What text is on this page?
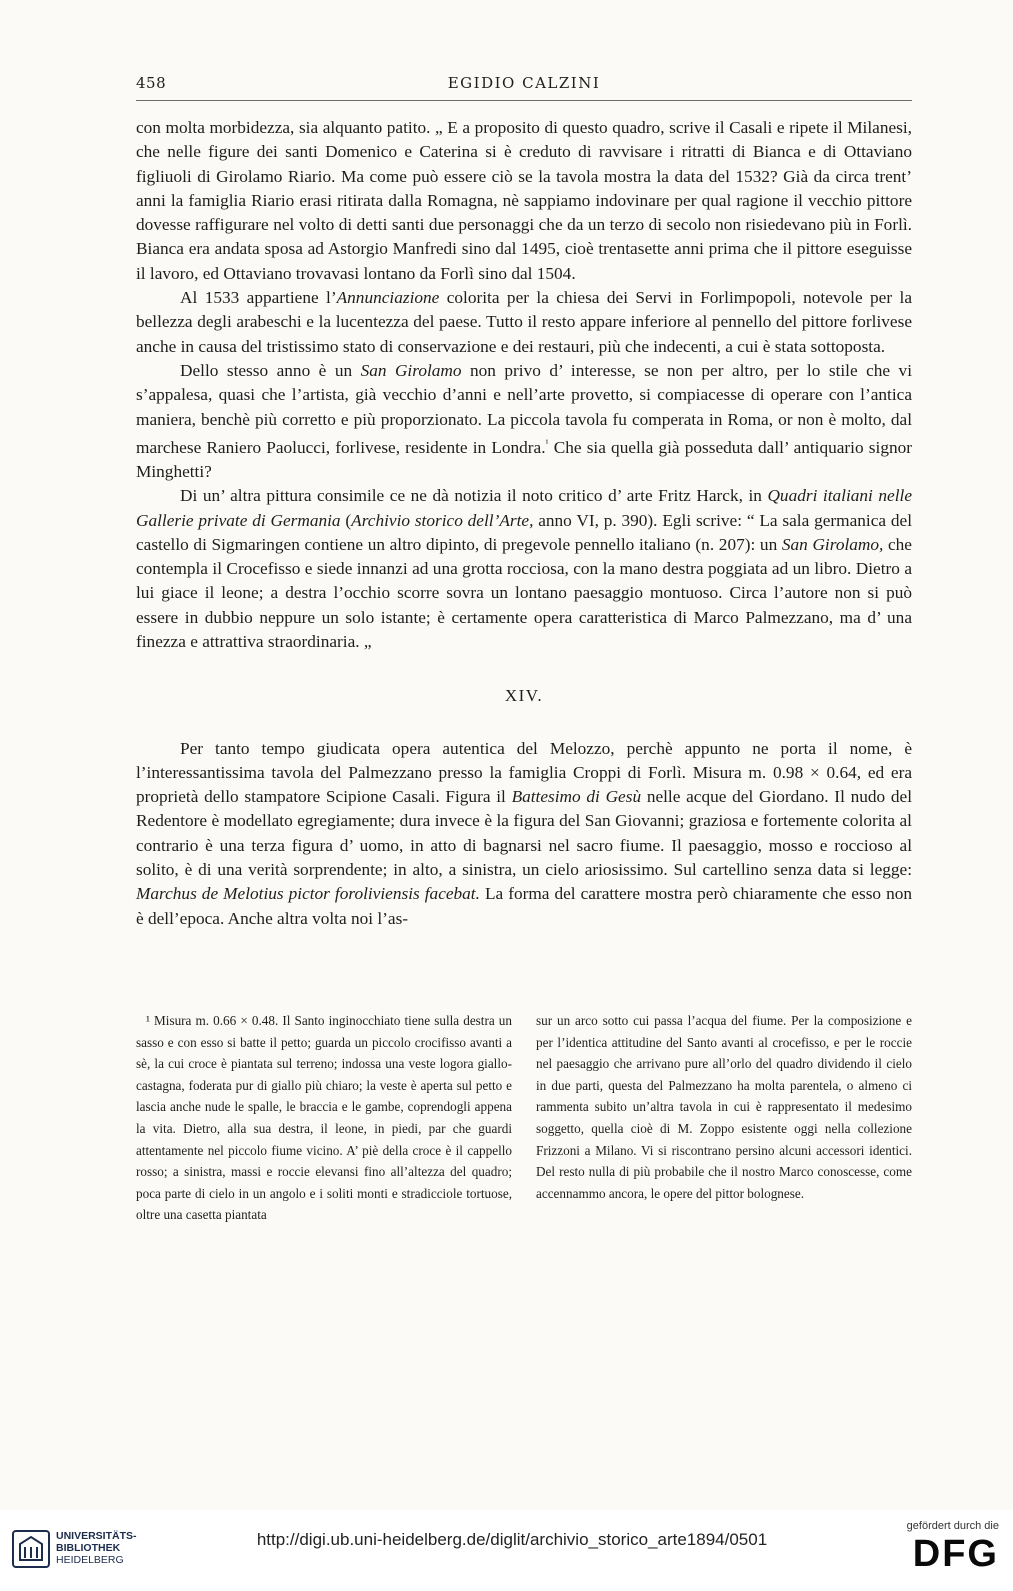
458	EGIDIO CALZINI

con molta morbidezza, sia alquanto patito. „ E a proposito di questo quadro, scrive il Casali e ripete il Milanesi, che nelle figure dei santi Domenico e Caterina si è creduto di ravvisare i ritratti di Bianca e di Ottaviano figliuoli di Girolamo Riario. Ma come può essere ciò se la tavola mostra la data del 1532? Già da circa trent’ anni la famiglia Riario erasi ritirata dalla Romagna, nè sappiamo indovinare per qual ragione il vecchio pittore dovesse raffigurare nel volto di detti santi due personaggi che da un terzo di secolo non risiedevano più in Forlì. Bianca era andata sposa ad Astorgio Manfredi sino dal 1495, cioè trentasette anni prima che il pittore eseguisse il lavoro, ed Ottaviano trovavasi lontano da Forlì sino dal 1504.

Al 1533 appartiene l’Annunciazione colorita per la chiesa dei Servi in Forlimpopoli, notevole per la bellezza degli arabeschi e la lucentezza del paese. Tutto il resto appare inferiore al pennello del pittore forlivese anche in causa del tristissimo stato di conservazione e dei restauri, più che indecenti, a cui è stata sottoposta.

Dello stesso anno è un San Girolamo non privo d’ interesse, se non per altro, per lo stile che vi s’appalesa, quasi che l’artista, già vecchio d’anni e nell’arte provetto, si compiacesse di operare con l’antica maniera, benchè più corretto e più proporzionato. La piccola tavola fu comperata in Roma, or non è molto, dal marchese Raniero Paolucci, forlivese, residente in Londra.$^{^1}$ Che sia quella già posseduta dall’ antiquario signor Minghetti?

Di un’ altra pittura consimile ce ne dà notizia il noto critico d’ arte Fritz Harck, in Quadri italiani nelle Gallerie private di Germania (Archivio storico dell’Arte, anno VI, p. 390). Egli scrive: “ La sala germanica del castello di Sigmaringen contiene un altro dipinto, di pregevole pennello italiano (n. 207): un San Girolamo, che contempla il Crocefisso e siede innanzi ad una grotta rocciosa, con la mano destra poggiata ad un libro. Dietro a lui giace il leone; a destra l’occhio scorre sovra un lontano paesaggio montuoso. Circa l’autore non si può essere in dubbio neppure un solo istante; è certamente opera caratteristica di Marco Palmezzano, ma d’ una finezza e attrattiva straordinaria. „

XIV.

Per tanto tempo giudicata opera autentica del Melozzo, perchè appunto ne porta il nome, è l’interessantissima tavola del Palmezzano presso la famiglia Croppi di Forlì. Misura m. 0.98 × 0.64, ed era proprietà dello stampatore Scipione Casali. Figura il Battesimo di Gesù nelle acque del Giordano. Il nudo del Redentore è modellato egregiamente; dura invece è la figura del San Giovanni; graziosa e fortemente colorita al contrario è una terza figura d’ uomo, in atto di bagnarsi nel sacro fiume. Il paesaggio, mosso e roccioso al solito, è di una verità sorprendente; in alto, a sinistra, un cielo ariosissimo. Sul cartellino senza data si legge: Marchus de Melotius pictor foroliviensis facebat. La forma del carattere mostra però chiaramente che esso non è dell’epoca. Anche altra volta noi l’as-

¹ Misura m. 0.66 × 0.48. Il Santo inginocchiato tiene sulla destra un sasso e con esso si batte il petto; guarda un piccolo crocifisso avanti a sè, la cui croce è piantata sul terreno; indossa una veste logora giallo-castagna, foderata pur di giallo più chiaro; la veste è aperta sul petto e lascia anche nude le spalle, le braccia e le gambe, coprendogli appena la vita. Dietro, alla sua destra, il leone, in piedi, par che guardi attentamente nel piccolo fiume vicino. A’ piè della croce è il cappello rosso; a sinistra, massi e roccie elevansi fino all’altezza del quadro; poca parte di cielo in un angolo e i soliti monti e stradicciole tortuose, oltre una casetta piantata

sur un arco sotto cui passa l’acqua del fiume. Per la composizione e per l’identica attitudine del Santo avanti al crocefisso, e per le roccie nel paesaggio che arrivano pure all’orlo del quadro dividendo il cielo in due parti, questa del Palmezzano ha molta parentela, o almeno ci rammenta subito un’altra tavola in cui è rappresentato il medesimo soggetto, quella cioè di M. Zoppo esistente oggi nella collezione Frizzoni a Milano. Vi si riscontrano persino alcuni accessori identici. Del resto nulla di più probabile che il nostro Marco conoscesse, come accennammo ancora, le opere del pittor bolognese.

UNIVERSITÄTS-
BIBLIOTHEK
HEIDELBERG
http://digi.ub.uni-heidelberg.de/diglit/archivio_storico_arte1894/0501
gefördert durch die
DFG
